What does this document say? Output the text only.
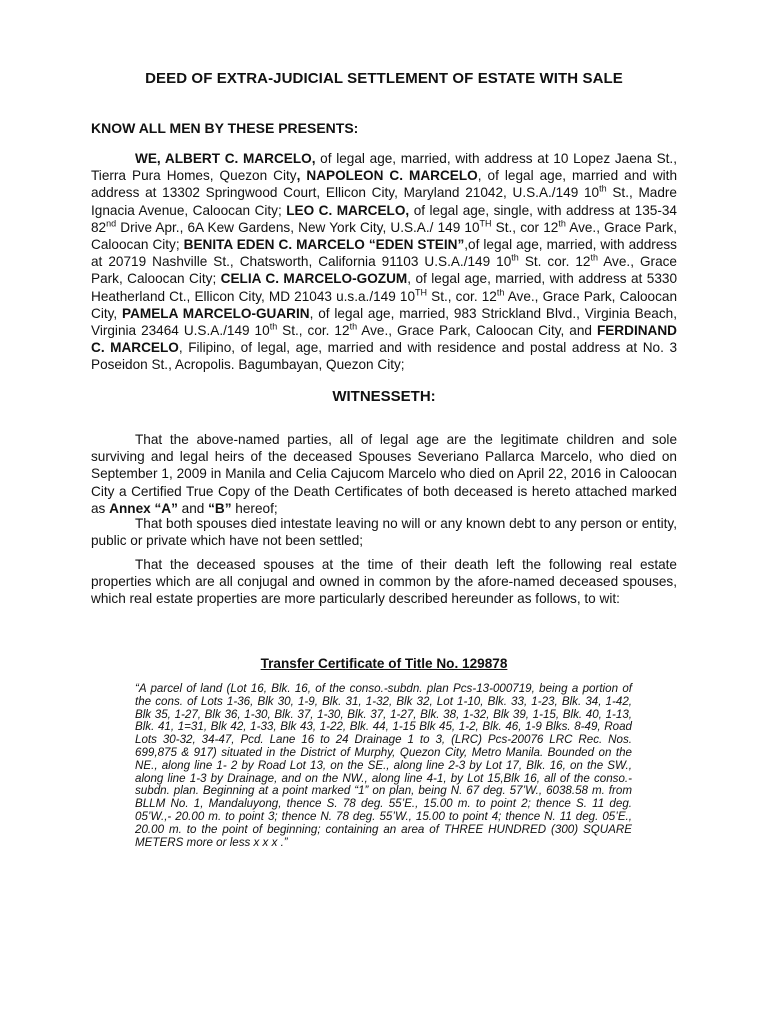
DEED OF EXTRA-JUDICIAL SETTLEMENT OF ESTATE WITH SALE
KNOW ALL MEN BY THESE PRESENTS:

WE, ALBERT C. MARCELO, of legal age, married, with address at 10 Lopez Jaena St., Tierra Pura Homes, Quezon City, NAPOLEON C. MARCELO, of legal age, married and with address at 13302 Springwood Court, Ellicon City, Maryland 21042, U.S.A./149 10th St., Madre Ignacia Avenue, Caloocan City; LEO C. MARCELO, of legal age, single, with address at 135-34 82nd Drive Apr., 6A Kew Gardens, New York City, U.S.A./ 149 10TH St., cor 12th Ave., Grace Park, Caloocan City; BENITA EDEN C. MARCELO “EDEN STEIN”,of legal age, married, with address at 20719 Nashville St., Chatsworth, California 91103 U.S.A./149 10th St. cor. 12th Ave., Grace Park, Caloocan City; CELIA C. MARCELO-GOZUM, of legal age, married, with address at 5330 Heatherland Ct., Ellicon City, MD 21043 u.s.a./149 10TH St., cor. 12th Ave., Grace Park, Caloocan City, PAMELA MARCELO-GUARIN, of legal age, married, 983 Strickland Blvd., Virginia Beach, Virginia 23464 U.S.A./149 10th St., cor. 12th Ave., Grace Park, Caloocan City, and FERDINAND C. MARCELO, Filipino, of legal, age, married and with residence and postal address at No. 3 Poseidon St., Acropolis. Bagumbayan, Quezon City;

WITNESSETH:

That the above-named parties, all of legal age are the legitimate children and sole surviving and legal heirs of the deceased Spouses Severiano Pallarca Marcelo, who died on September 1, 2009 in Manila and Celia Cajucom Marcelo who died on April 22, 2016 in Caloocan City a Certified True Copy of the Death Certificates of both deceased is hereto attached marked as Annex “A” and “B” hereof;

That both spouses died intestate leaving no will or any known debt to any person or entity, public or private which have not been settled;

That the deceased spouses at the time of their death left the following real estate properties which are all conjugal and owned in common by the afore-named deceased spouses, which real estate properties are more particularly described hereunder as follows, to wit:

Transfer Certificate of Title No. 129878

“A parcel of land (Lot 16, Blk. 16, of the conso.-subdn. plan Pcs-13-000719, being a portion of the cons. of Lots 1-36, Blk 30, 1-9, Blk. 31, 1-32, Blk 32, Lot 1-10, Blk. 33, 1-23, Blk. 34, 1-42, Blk 35, 1-27, Blk 36, 1-30, Blk. 37, 1-30, Blk. 37, 1-27, Blk. 38, 1-32, Blk 39, 1-15, Blk. 40, 1-13, Blk. 41, 1=31, Blk 42, 1-33, Blk 43, 1-22, Blk. 44, 1-15 Blk 45, 1-2, Blk. 46, 1-9 Blks. 8-49, Road Lots 30-32, 34-47, Pcd. Lane 16 to 24 Drainage 1 to 3, (LRC) Pcs-20076 LRC Rec. Nos. 699,875 & 917) situated in the District of Murphy, Quezon City, Metro Manila. Bounded on the NE., along line 1- 2 by Road Lot 13, on the SE., along line 2-3 by Lot 17, Blk. 16, on the SW., along line 1-3 by Drainage, and on the NW., along line 4-1, by Lot 15,Blk 16, all of the conso.-subdn. plan. Beginning at a point marked “1” on plan, being N. 67 deg. 57’W., 6038.58 m. from BLLM No. 1, Mandaluyong, thence S. 78 deg. 55’E., 15.00 m. to point 2; thence S. 11 deg. 05’W.,- 20.00 m. to point 3; thence N. 78 deg. 55’W., 15.00 to point 4; thence N. 11 deg. 05’E., 20.00 m. to the point of beginning; containing an area of THREE HUNDRED (300) SQUARE METERS more or less x x x .”
